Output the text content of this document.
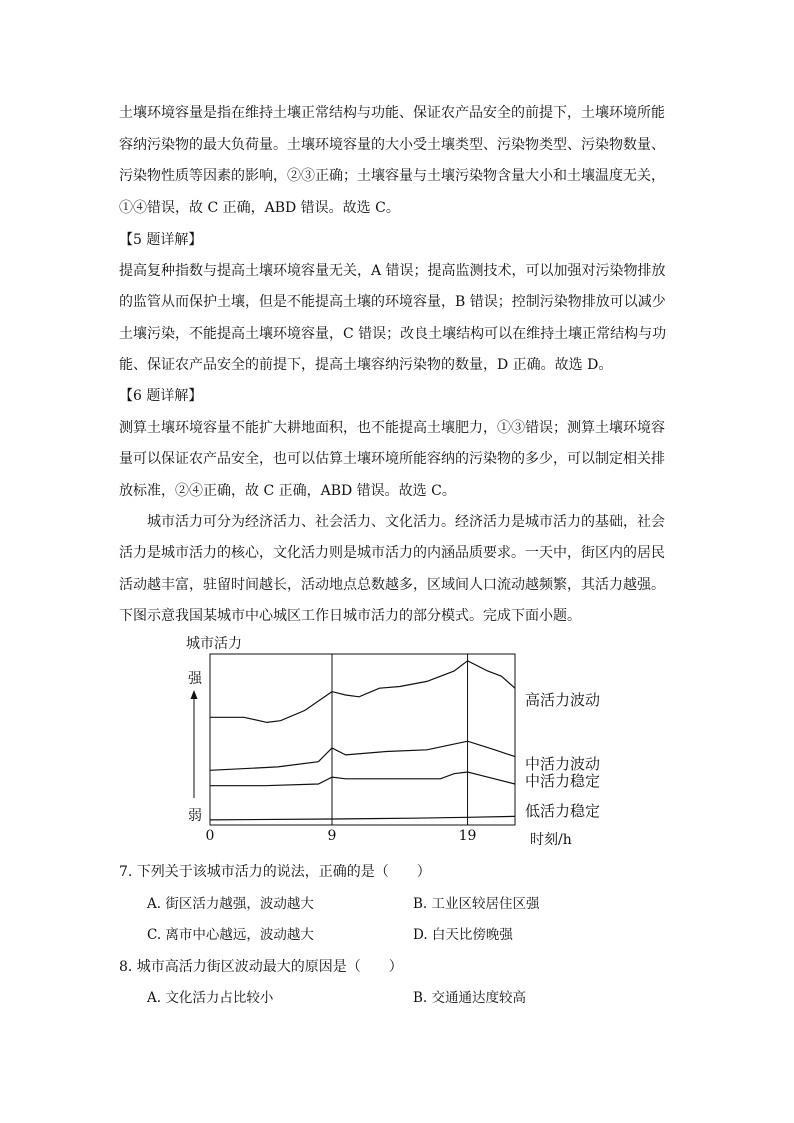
土壤环境容量是指在维持土壤正常结构与功能、保证农产品安全的前提下，土壤环境所能
容纳污染物的最大负荷量。土壤环境容量的大小受土壤类型、污染物类型、污染物数量、
污染物性质等因素的影响，②③正确；土壤容量与土壤污染物含量大小和土壤温度无关，
①④错误，故 C 正确，ABD 错误。故选 C。
【5 题详解】
提高复种指数与提高土壤环境容量无关，A 错误；提高监测技术，可以加强对污染物排放
的监管从而保护土壤，但是不能提高土壤的环境容量，B 错误；控制污染物排放可以减少
土壤污染，不能提高土壤环境容量，C 错误；改良土壤结构可以在维持土壤正常结构与功
能、保证农产品安全的前提下，提高土壤容纳污染物的数量，D 正确。故选 D。
【6 题详解】
测算土壤环境容量不能扩大耕地面积，也不能提高土壤肥力，①③错误；测算土壤环境容
量可以保证农产品安全，也可以估算土壤环境所能容纳的污染物的多少，可以制定相关排
放标准，②④正确，故 C 正确，ABD 错误。故选 C。
城市活力可分为经济活力、社会活力、文化活力。经济活力是城市活力的基础，社会
活力是城市活力的核心，文化活力则是城市活力的内涵品质要求。一天中，街区内的居民
活动越丰富，驻留时间越长，活动地点总数越多，区域间人口流动越频繁，其活力越强。
下图示意我国某城市中心城区工作日城市活力的部分模式。完成下面小题。
城市活力
强
弱
高活力波动
中活力波动
中活力稳定
低活力稳定
0	9	19	时刻/h
7. 下列关于该城市活力的说法，正确的是（　　）
A. 街区活力越强，波动越大	B. 工业区较居住区强
C. 离市中心越远，波动越大	D. 白天比傍晚强
8. 城市高活力街区波动最大的原因是（　　）
A. 文化活力占比较小	B. 交通通达度较高
